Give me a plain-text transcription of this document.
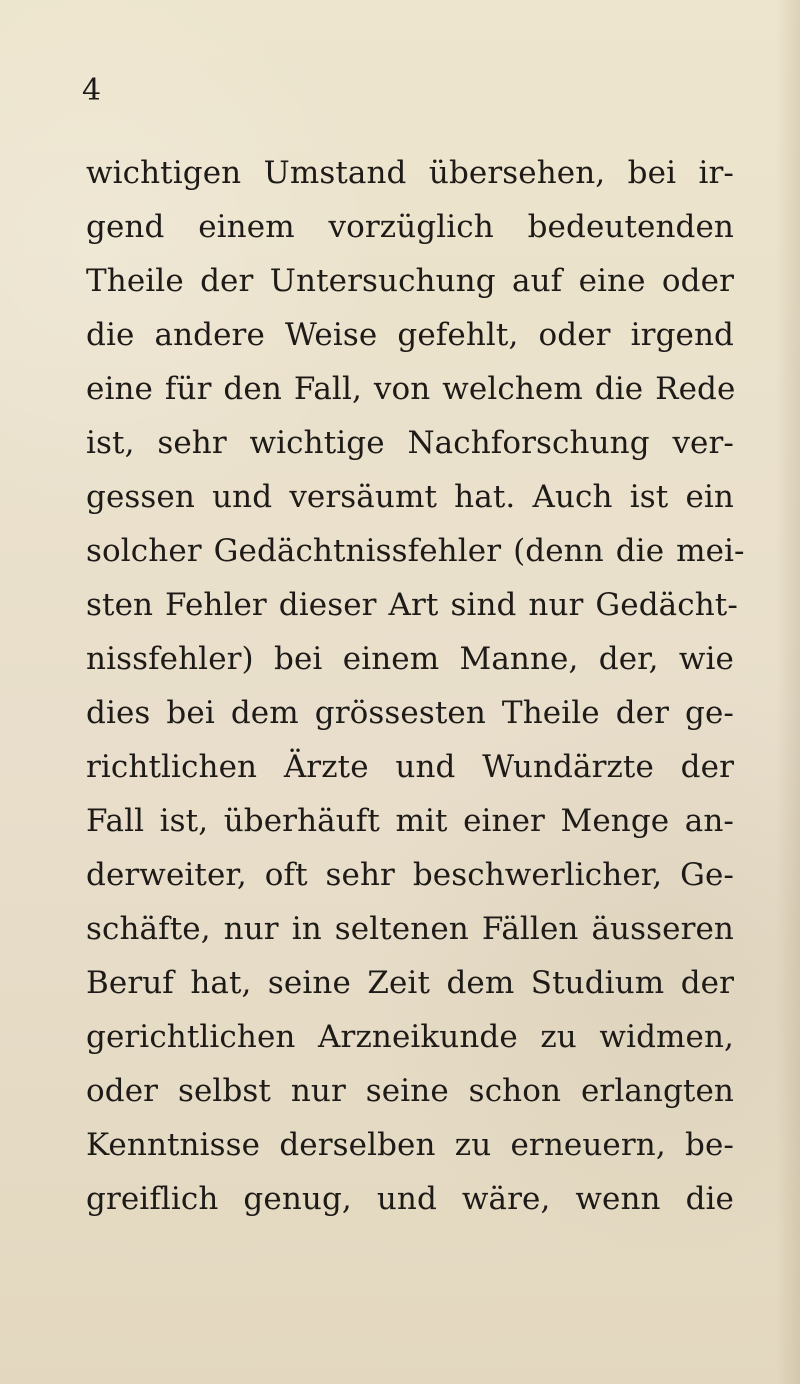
4
wichtigen Umstand übersehen, bei ir-
gend einem vorzüglich bedeutenden
Theile der Untersuchung auf eine oder
die andere Weise gefehlt, oder irgend
eine für den Fall, von welchem die Rede
ist, sehr wichtige Nachforschung ver-
gessen und versäumt hat. Auch ist ein
solcher Gedächtnissfehler (denn die mei-
sten Fehler dieser Art sind nur Gedächt-
nissfehler) bei einem Manne, der, wie
dies bei dem grössesten Theile der ge-
richtlichen Ärzte und Wundärzte der
Fall ist, überhäuft mit einer Menge an-
derweiter, oft sehr beschwerlicher, Ge-
schäfte, nur in seltenen Fällen äusseren
Beruf hat, seine Zeit dem Studium der
gerichtlichen Arzneikunde zu widmen,
oder selbst nur seine schon erlangten
Kenntnisse derselben zu erneuern, be-
greiflich genug, und wäre, wenn die
